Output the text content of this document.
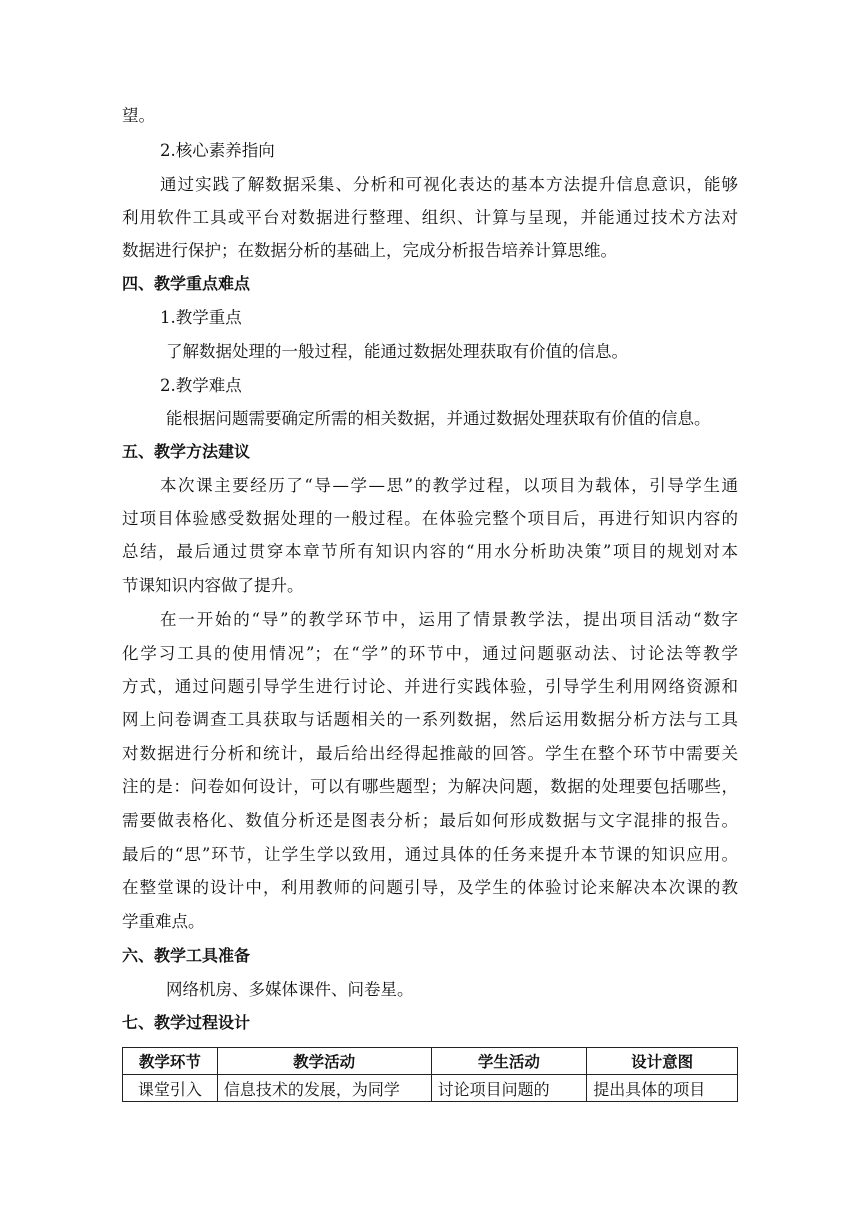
望。
2.核心素养指向
通过实践了解数据采集、分析和可视化表达的基本方法提升信息意识，能够
利用软件工具或平台对数据进行整理、组织、计算与呈现，并能通过技术方法对
数据进行保护；在数据分析的基础上，完成分析报告培养计算思维。
四、教学重点难点
1.教学重点
了解数据处理的一般过程，能通过数据处理获取有价值的信息。
2.教学难点
能根据问题需要确定所需的相关数据，并通过数据处理获取有价值的信息。
五、教学方法建议
本次课主要经历了“导—学—思”的教学过程，以项目为载体，引导学生通
过项目体验感受数据处理的一般过程。在体验完整个项目后，再进行知识内容的
总结，最后通过贯穿本章节所有知识内容的“用水分析助决策”项目的规划对本
节课知识内容做了提升。
在一开始的“导”的教学环节中，运用了情景教学法，提出项目活动“数字
化学习工具的使用情况”；在“学”的环节中，通过问题驱动法、讨论法等教学
方式，通过问题引导学生进行讨论、并进行实践体验，引导学生利用网络资源和
网上问卷调查工具获取与话题相关的一系列数据，然后运用数据分析方法与工具
对数据进行分析和统计，最后给出经得起推敲的回答。学生在整个环节中需要关
注的是：问卷如何设计，可以有哪些题型；为解决问题，数据的处理要包括哪些，
需要做表格化、数值分析还是图表分析；最后如何形成数据与文字混排的报告。
最后的“思”环节，让学生学以致用，通过具体的任务来提升本节课的知识应用。
在整堂课的设计中，利用教师的问题引导，及学生的体验讨论来解决本次课的教
学重难点。
六、教学工具准备
网络机房、多媒体课件、问卷星。
七、教学过程设计
教学环节	教学活动	学生活动	设计意图
课堂引入	信息技术的发展，为同学	讨论项目问题的	提出具体的项目
